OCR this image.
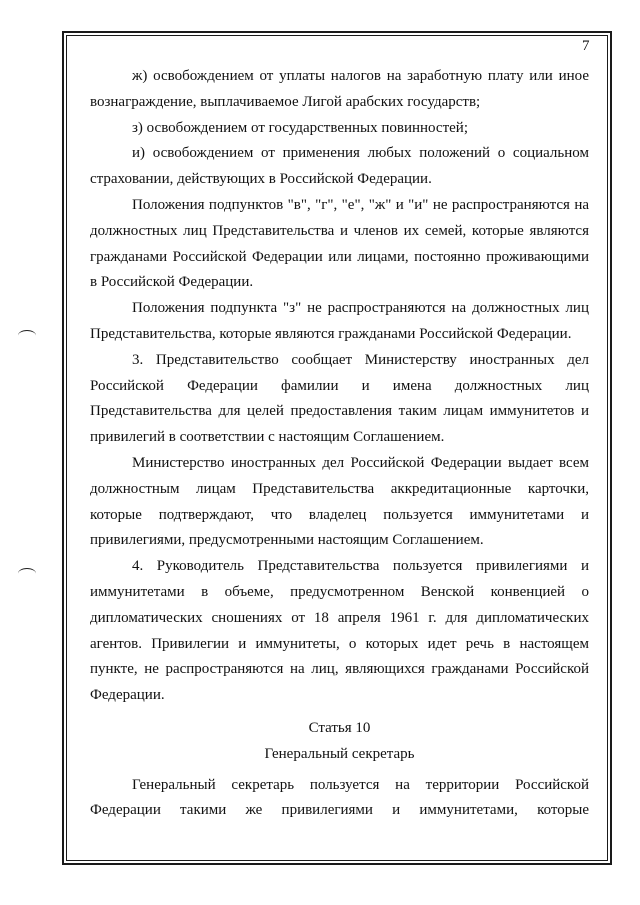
7

ж) освобождением от уплаты налогов на заработную плату или иное вознаграждение, выплачиваемое Лигой арабских государств;

з) освобождением от государственных повинностей;

и) освобождением от применения любых положений о социальном страховании, действующих в Российской Федерации.

Положения подпунктов "в", "г", "е", "ж" и "и" не распространяются на должностных лиц Представительства и членов их семей, которые являются гражданами Российской Федерации или лицами, постоянно проживающими в Российской Федерации.

Положения подпункта "з" не распространяются на должностных лиц Представительства, которые являются гражданами Российской Федерации.

3. Представительство сообщает Министерству иностранных дел Российской Федерации фамилии и имена должностных лиц Представительства для целей предоставления таким лицам иммунитетов и привилегий в соответствии с настоящим Соглашением.

Министерство иностранных дел Российской Федерации выдает всем должностным лицам Представительства аккредитационные карточки, которые подтверждают, что владелец пользуется иммунитетами и привилегиями, предусмотренными настоящим Соглашением.

4. Руководитель Представительства пользуется привилегиями и иммунитетами в объеме, предусмотренном Венской конвенцией о дипломатических сношениях от 18 апреля 1961 г. для дипломатических агентов. Привилегии и иммунитеты, о которых идет речь в настоящем пункте, не распространяются на лиц, являющихся гражданами Российской Федерации.

Статья 10

Генеральный секретарь

Генеральный секретарь пользуется на территории Российской Федерации такими же привилегиями и иммунитетами, которые
